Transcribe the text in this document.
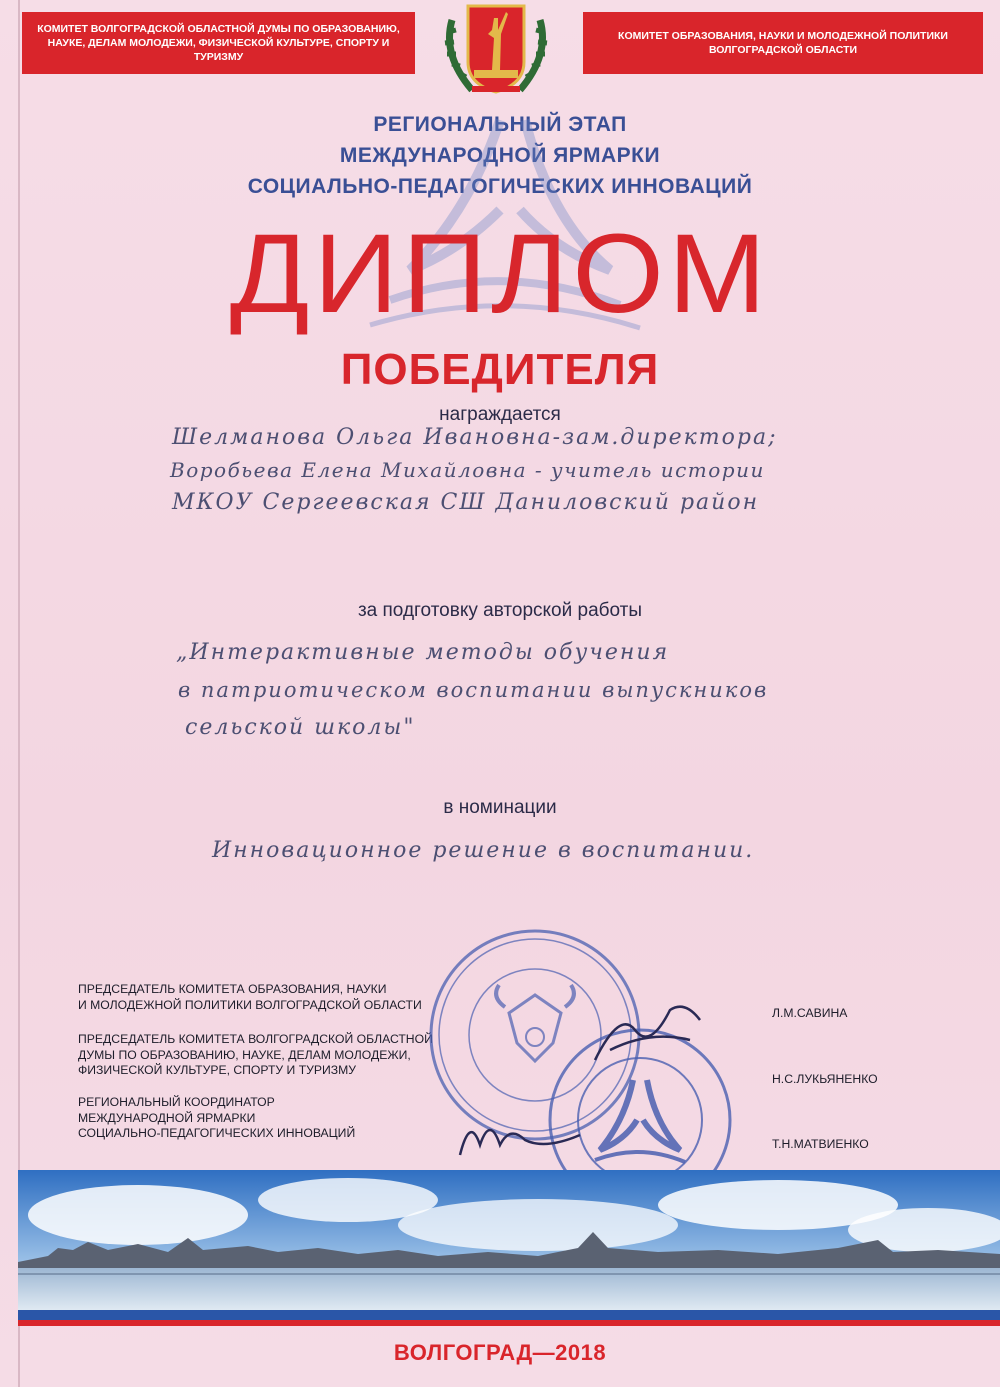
КОМИТЕТ ВОЛГОГРАДСКОЙ ОБЛАСТНОЙ ДУМЫ ПО ОБРАЗОВАНИЮ, НАУКЕ, ДЕЛАМ МОЛОДЕЖИ, ФИЗИЧЕСКОЙ КУЛЬТУРЕ, СПОРТУ И ТУРИЗМУ
КОМИТЕТ ОБРАЗОВАНИЯ, НАУКИ И МОЛОДЕЖНОЙ ПОЛИТИКИ ВОЛГОГРАДСКОЙ ОБЛАСТИ
РЕГИОНАЛЬНЫЙ ЭТАП
МЕЖДУНАРОДНОЙ ЯРМАРКИ
СОЦИАЛЬНО-ПЕДАГОГИЧЕСКИХ ИННОВАЦИЙ
ДИПЛОМ
ПОБЕДИТЕЛЯ
награждается
Шелманова Ольга Ивановна-зам.директора;
Воробьева Елена Михайловна - учитель истории
МКОУ Сергеевская СШ Даниловский район
за подготовку авторской работы
„Интерактивные методы обучения
в патриотическом воспитании выпускников
сельской школы"
в номинации
Инновационное решение в воспитании.
ПРЕДСЕДАТЕЛЬ КОМИТЕТА ОБРАЗОВАНИЯ, НАУКИ
И МОЛОДЕЖНОЙ ПОЛИТИКИ ВОЛГОГРАДСКОЙ ОБЛАСТИ
ПРЕДСЕДАТЕЛЬ КОМИТЕТА ВОЛГОГРАДСКОЙ ОБЛАСТНОЙ
ДУМЫ ПО ОБРАЗОВАНИЮ, НАУКЕ, ДЕЛАМ МОЛОДЕЖИ,
ФИЗИЧЕСКОЙ КУЛЬТУРЕ, СПОРТУ И ТУРИЗМУ
РЕГИОНАЛЬНЫЙ КООРДИНАТОР
МЕЖДУНАРОДНОЙ ЯРМАРКИ
СОЦИАЛЬНО-ПЕДАГОГИЧЕСКИХ ИННОВАЦИЙ
Л.М.САВИНА
Н.С.ЛУКЬЯНЕНКО
Т.Н.МАТВИЕНКО
ВОЛГОГРАД—2018
